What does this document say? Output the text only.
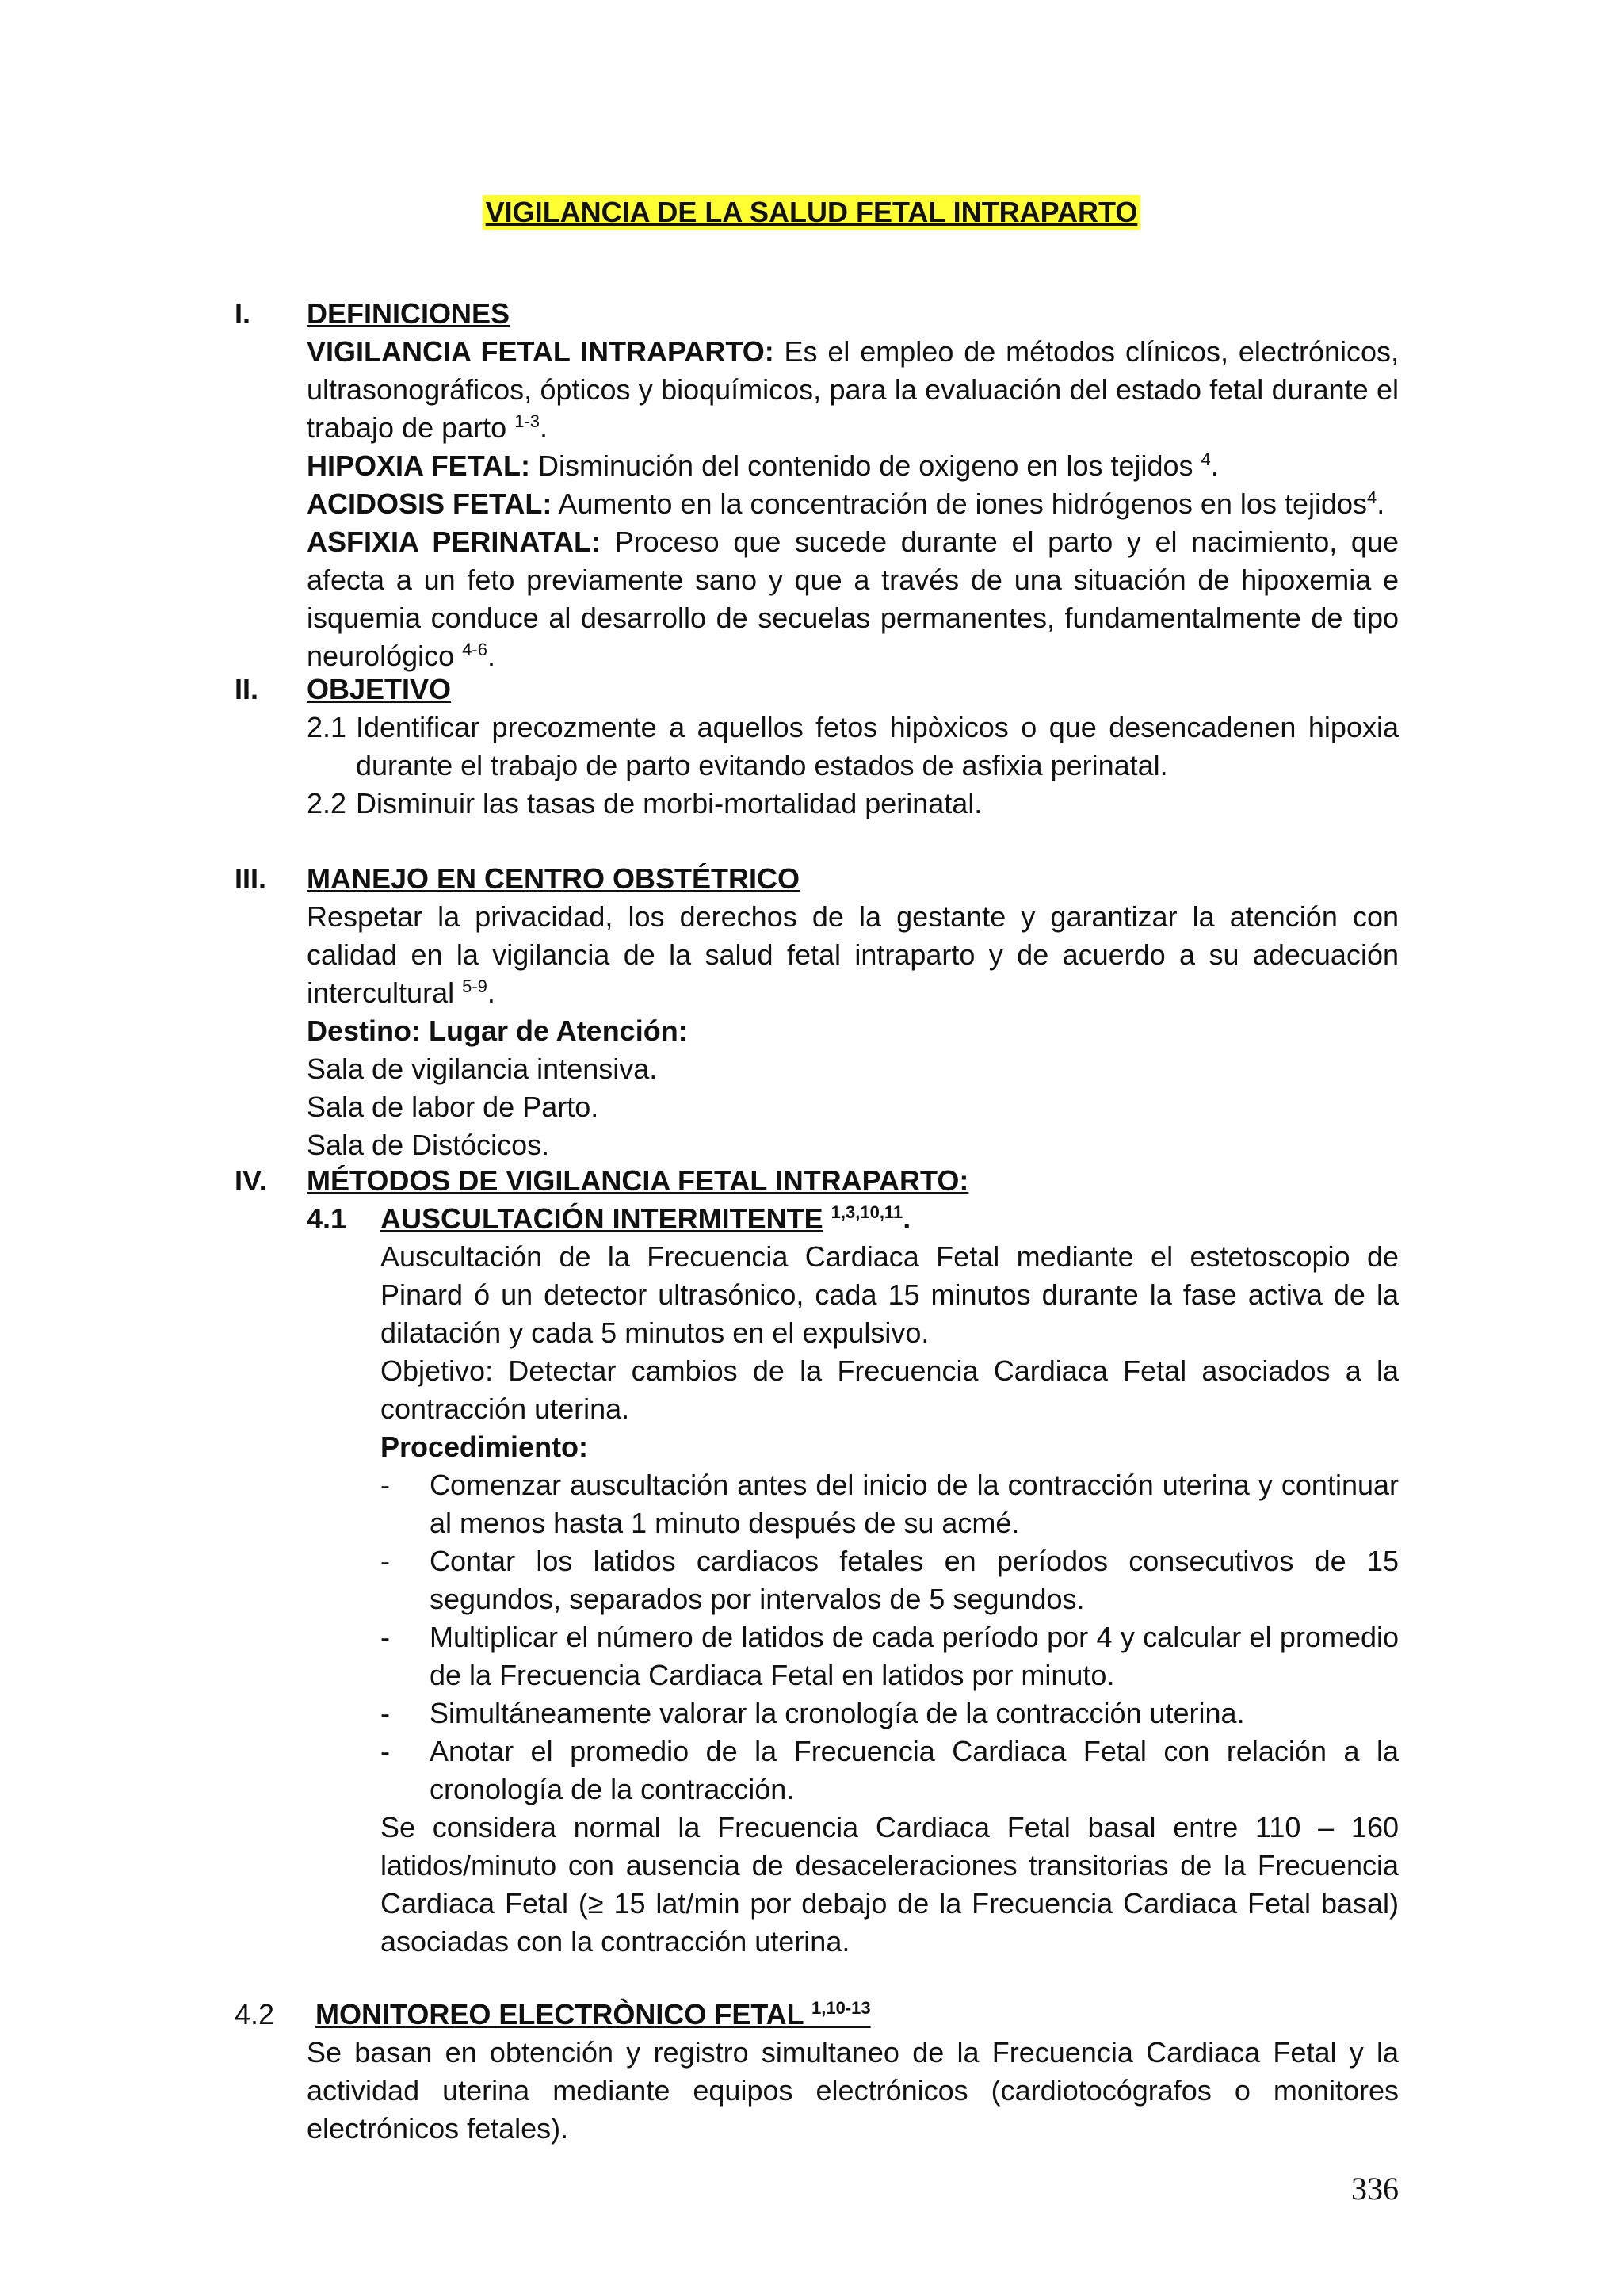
VIGILANCIA DE LA SALUD FETAL INTRAPARTO
I. DEFINICIONES

VIGILANCIA FETAL INTRAPARTO: Es el empleo de métodos clínicos, electrónicos, ultrasonográficos, ópticos y bioquímicos, para la evaluación del estado fetal durante el trabajo de parto $^{1-3}$.

HIPOXIA FETAL: Disminución del contenido de oxigeno en los tejidos $^4$.

ACIDOSIS FETAL: Aumento en la concentración de iones hidrógenos en los tejidos$^4$.

ASFIXIA PERINATAL: Proceso que sucede durante el parto y el nacimiento, que afecta a un feto previamente sano y que a través de una situación de hipoxemia e isquemia conduce al desarrollo de secuelas permanentes, fundamentalmente de tipo neurológico $^{4-6}$.

II. OBJETIVO
2.1 Identificar precozmente a aquellos fetos hipòxicos o que desencadenen hipoxia durante el trabajo de parto evitando estados de asfixia perinatal.
2.2 Disminuir las tasas de morbi-mortalidad perinatal.
III. MANEJO EN CENTRO OBSTÉTRICO

Respetar la privacidad, los derechos de la gestante y garantizar la atención con calidad en la vigilancia de la salud fetal intraparto y de acuerdo a su adecuación intercultural $^{5-9}$.

Destino: Lugar de Atención:
Sala de vigilancia intensiva.
Sala de labor de Parto.
Sala de Distócicos.
IV. MÉTODOS DE VIGILANCIA FETAL INTRAPARTO:
4.1	AUSCULTACIÓN INTERMITENTE $^{1,3,10,11}$.

Auscultación de la Frecuencia Cardiaca Fetal mediante el estetoscopio de Pinard ó un detector ultrasónico, cada 15 minutos durante la fase activa de la dilatación y cada 5 minutos en el expulsivo.

Objetivo: Detectar cambios de la Frecuencia Cardiaca Fetal asociados a la contracción uterina.

Procedimiento:
-	Comenzar auscultación antes del inicio de la contracción uterina y continuar al menos hasta 1 minuto después de su acmé.
-	Contar los latidos cardiacos fetales en períodos consecutivos de 15 segundos, separados por intervalos de 5 segundos.
-	Multiplicar el número de latidos de cada período por 4 y calcular el promedio de la Frecuencia Cardiaca Fetal en latidos por minuto.
-	Simultáneamente valorar la cronología de la contracción uterina.
-	Anotar el promedio de la Frecuencia Cardiaca Fetal con relación a la cronología de la contracción.

Se considera normal la Frecuencia Cardiaca Fetal basal entre 110 – 160 latidos/minuto con ausencia de desaceleraciones transitorias de la Frecuencia Cardiaca Fetal (≥ 15 lat/min por debajo de la Frecuencia Cardiaca Fetal basal) asociadas con la contracción uterina.

4.2 MONITOREO ELECTRÒNICO FETAL $^{1,10-13}$

Se basan en obtención y registro simultaneo de la Frecuencia Cardiaca Fetal y la actividad uterina mediante equipos electrónicos (cardiotocógrafos o monitores electrónicos fetales).

336
